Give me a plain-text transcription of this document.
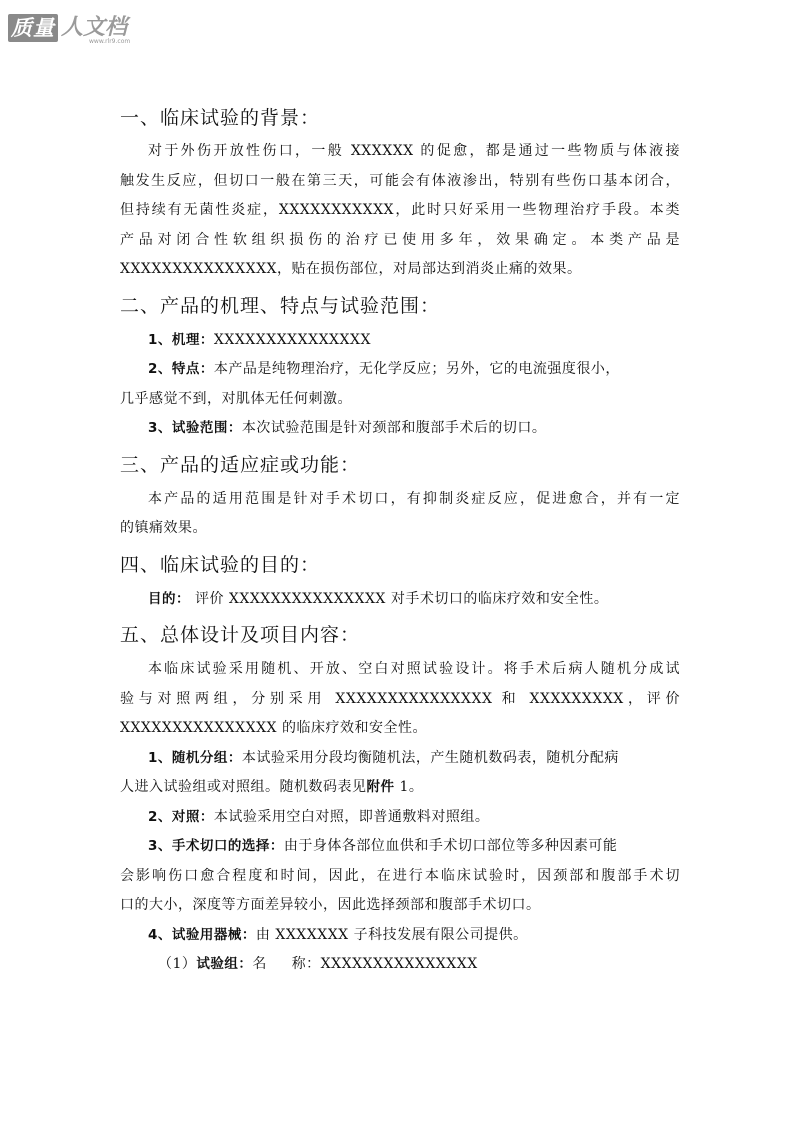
质量 人文档
www.rlr9.com
一、临床试验的背景：

对于外伤开放性伤口，一般 XXXXXX 的促愈，都是通过一些物质与体液接

触发生反应，但切口一般在第三天，可能会有体液渗出，特别有些伤口基本闭合，

但持续有无菌性炎症，XXXXXXXXXXX，此时只好采用一些物理治疗手段。本类

产品对闭合性软组织损伤的治疗已使用多年，效果确定。本类产品是

XXXXXXXXXXXXXXX，贴在损伤部位，对局部达到消炎止痛的效果。

二、产品的机理、特点与试验范围：

1、机理：XXXXXXXXXXXXXXX

2、特点：本产品是纯物理治疗，无化学反应；另外，它的电流强度很小，

几乎感觉不到，对肌体无任何刺激。

3、试验范围：本次试验范围是针对颈部和腹部手术后的切口。

三、产品的适应症或功能：

本产品的适用范围是针对手术切口，有抑制炎症反应，促进愈合，并有一定

的镇痛效果。

四、临床试验的目的：

目的： 评价 XXXXXXXXXXXXXXX 对手术切口的临床疗效和安全性。

五、总体设计及项目内容：

本临床试验采用随机、开放、空白对照试验设计。将手术后病人随机分成试

验与对照两组，分别采用 XXXXXXXXXXXXXXX 和 XXXXXXXXX，评价

XXXXXXXXXXXXXXX 的临床疗效和安全性。

1、随机分组：本试验采用分段均衡随机法，产生随机数码表，随机分配病

人进入试验组或对照组。随机数码表见附件 1。

2、对照：本试验采用空白对照，即普通敷料对照组。

3、手术切口的选择：由于身体各部位血供和手术切口部位等多种因素可能

会影响伤口愈合程度和时间，因此，在进行本临床试验时，因颈部和腹部手术切

口的大小，深度等方面差异较小，因此选择颈部和腹部手术切口。

4、试验用器械：由 XXXXXXX 子科技发展有限公司提供。

（1）试验组：名     称：XXXXXXXXXXXXXXX
